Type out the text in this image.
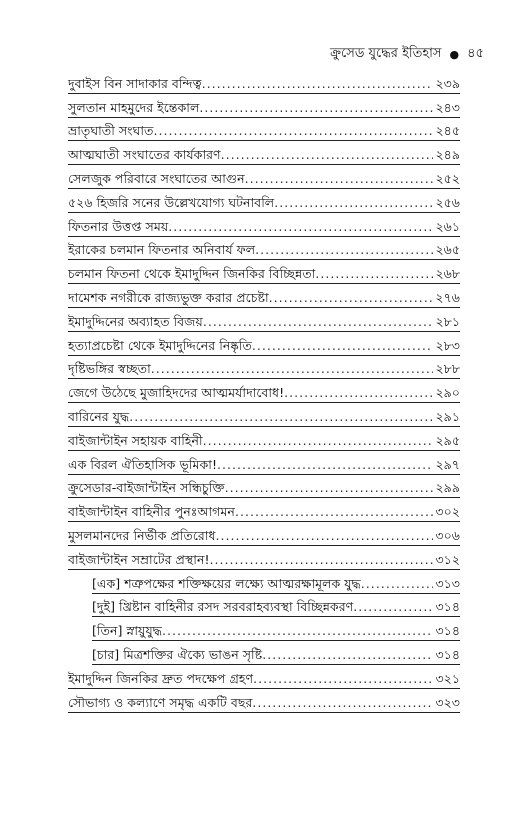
ক্রুসেড যুদ্ধের ইতিহাস ● ৪৫
দুবাইস বিন সাদাকার বন্দিত্ব .....	২৩৯
সুলতান মাহমুদের ইন্তেকাল .....	২৪৩
ভ্রাতৃঘাতী সংঘাত .....	২৪৫
আত্মঘাতী সংঘাতের কার্যকারণ .....	২৪৯
সেলজুক পরিবারে সংঘাতের আগুন .....	২৫২
৫২৬ হিজরি সনের উল্লেখযোগ্য ঘটনাবলি .....	২৫৬
ফিতনার উত্তপ্ত সময় .....	২৬১
ইরাকের চলমান ফিতনার অনিবার্য ফল .....	২৬৫
চলমান ফিতনা থেকে ইমাদুদ্দিন জিনকির বিচ্ছিন্নতা .....	২৬৮
দামেশক নগরীকে রাজ্যভুক্ত করার প্রচেষ্টা .....	২৭৬
ইমাদুদ্দিনের অব্যাহত বিজয় .....	২৮১
হত্যাপ্রচেষ্টা থেকে ইমাদুদ্দিনের নিষ্কৃতি .....	২৮৩
দৃষ্টিভঙ্গির স্বচ্ছতা .....	২৮৮
জেগে উঠেছে মুজাহিদদের আত্মমর্যাদাবোধ! .....	২৯০
বারিনের যুদ্ধ .....	২৯১
বাইজান্টাইন সহায়ক বাহিনী .....	২৯৫
এক বিরল ঐতিহাসিক ভূমিকা! .....	২৯৭
ক্রুসেডার-বাইজান্টাইন সন্ধিচুক্তি .....	২৯৯
বাইজান্টাইন বাহিনীর পুনঃআগমন .....	৩০২
মুসলমানদের নির্ভীক প্রতিরোধ .....	৩০৬
বাইজান্টাইন সম্রাটের প্রস্থান! .....	৩১২
[এক] শত্রুপক্ষের শক্তিক্ষয়ের লক্ষ্যে আত্মরক্ষামূলক যুদ্ধ .....	৩১৩
[দুই] খ্রিষ্টান বাহিনীর রসদ সরবরাহব্যবস্থা বিচ্ছিন্নকরণ .....	৩১৪
[তিন] স্নায়ুযুদ্ধ .....	৩১৪
[চার] মিত্রশক্তির ঐক্যে ভাঙন সৃষ্টি .....	৩১৪
ইমাদুদ্দিন জিনকির দ্রুত পদক্ষেপ গ্রহণ .....	৩২১
সৌভাগ্য ও কল্যাণে সমৃদ্ধ একটি বছর .....	৩২৩
